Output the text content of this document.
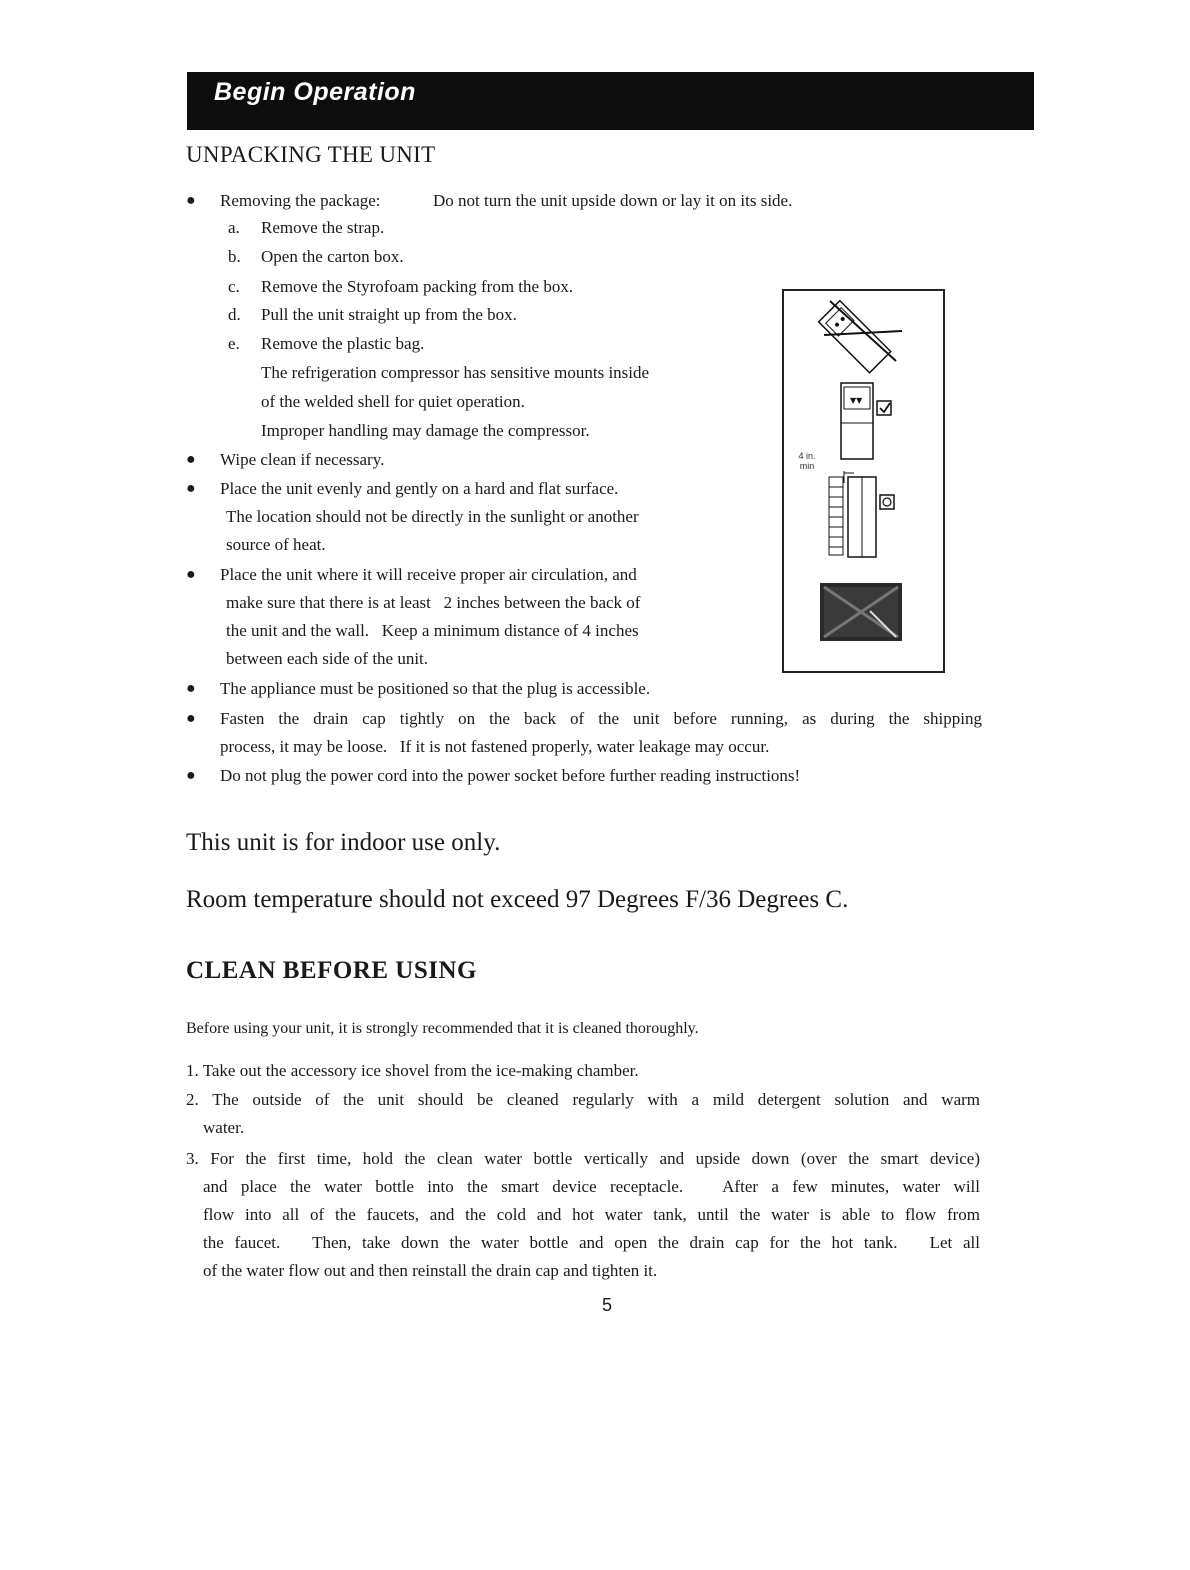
Begin Operation
UNPACKING THE UNIT
● Removing the package:	Do not turn the unit upside down or lay it on its side.
a. Remove the strap.
b. Open the carton box.
c. Remove the Styrofoam packing from the box.
d. Pull the unit straight up from the box.
e. Remove the plastic bag.
The refrigeration compressor has sensitive mounts inside
of the welded shell for quiet operation.
Improper handling may damage the compressor.
● Wipe clean if necessary.
● Place the unit evenly and gently on a hard and flat surface.
The location should not be directly in the sunlight or another
source of heat.
● Place the unit where it will receive proper air circulation, and
make sure that there is at least   2 inches between the back of
the unit and the wall.   Keep a minimum distance of 4 inches
between each side of the unit.
● The appliance must be positioned so that the plug is accessible.
● Fasten the drain cap tightly on the back of the unit before running, as during the shipping
process, it may be loose.   If it is not fastened properly, water leakage may occur.
● Do not plug the power cord into the power socket before further reading instructions!
▼▼
4 in. min
This unit is for indoor use only.
Room temperature should not exceed 97 Degrees F/36 Degrees C.
CLEAN BEFORE USING
Before using your unit, it is strongly recommended that it is cleaned thoroughly.
1. Take out the accessory ice shovel from the ice-making chamber.
2. The outside of the unit should be cleaned regularly with a mild detergent solution and warm
water.
3. For the first time, hold the clean water bottle vertically and upside down (over the smart device)
and place the water bottle into the smart device receptacle.   After a few minutes, water will
flow into all of the faucets, and the cold and hot water tank, until the water is able to flow from
the faucet.   Then, take down the water bottle and open the drain cap for the hot tank.   Let all
of the water flow out and then reinstall the drain cap and tighten it.
5
